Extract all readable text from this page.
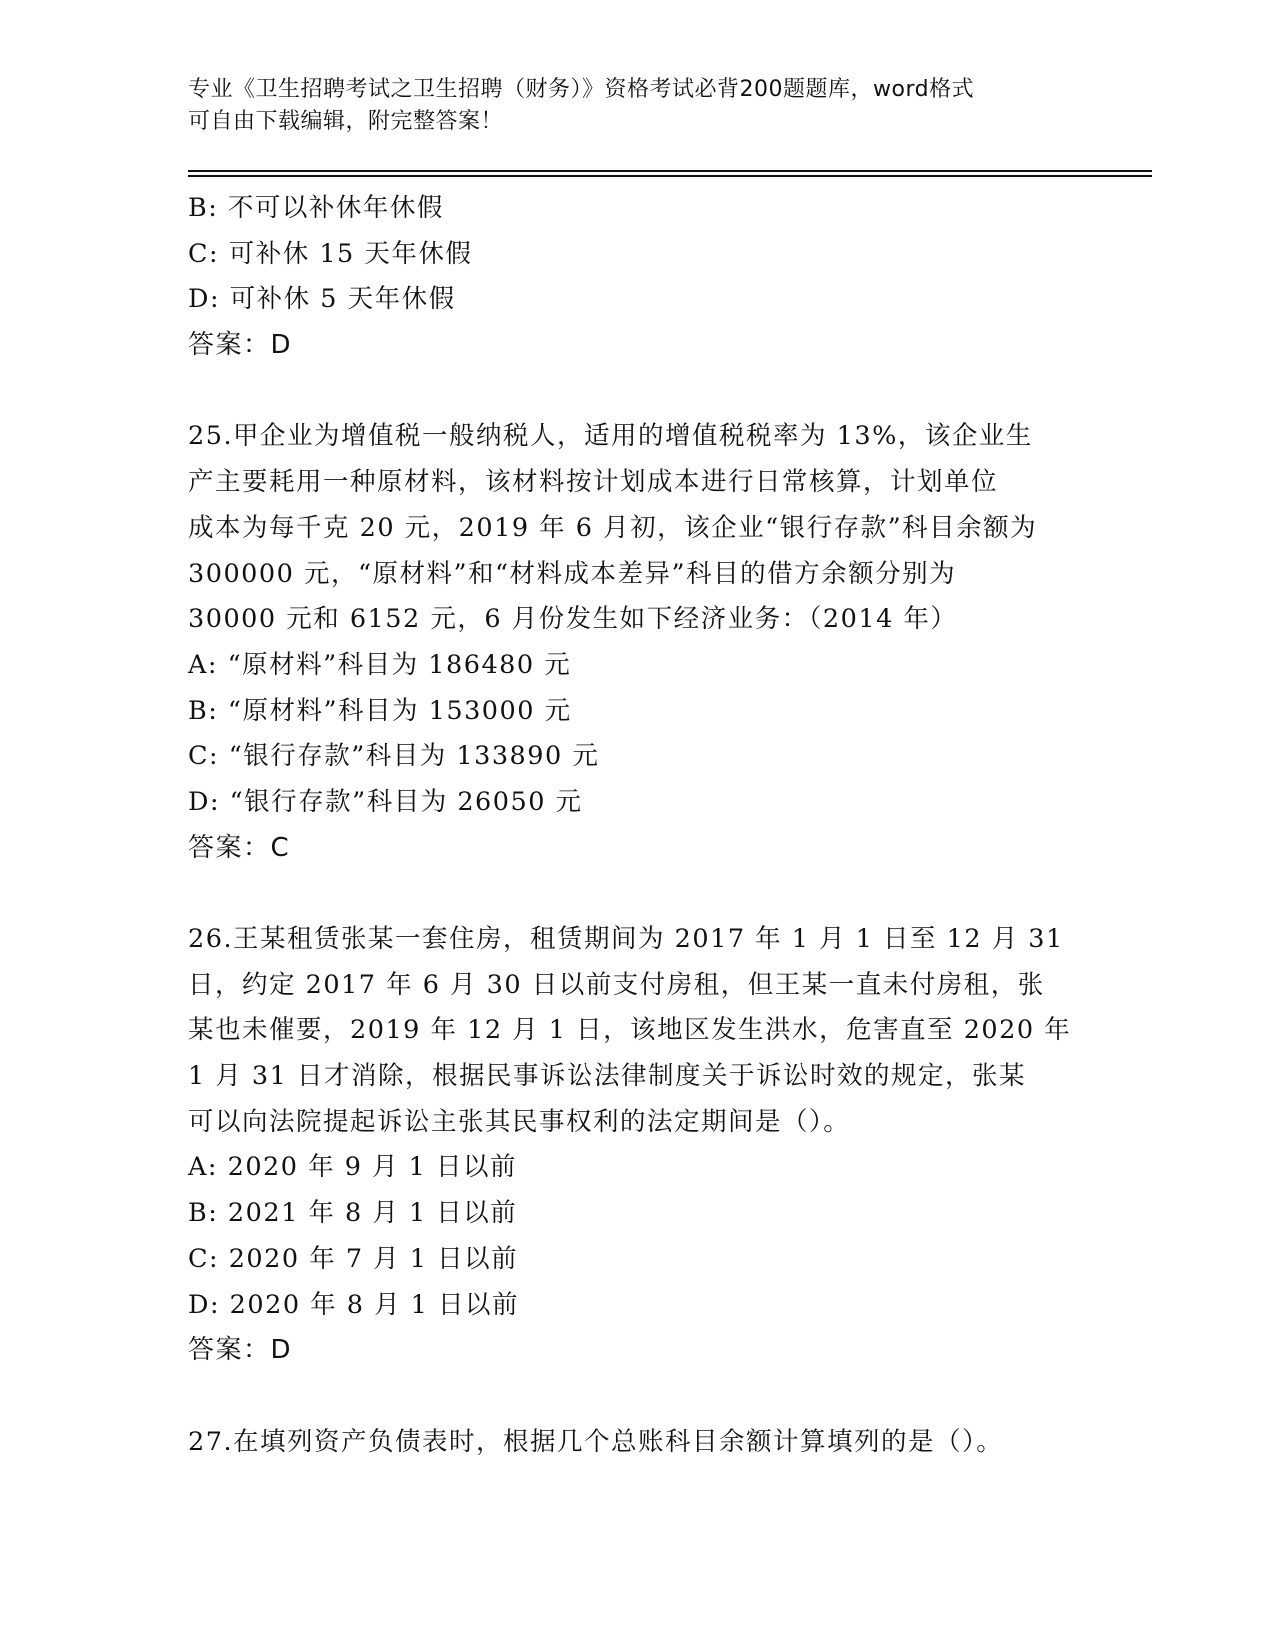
专业《卫生招聘考试之卫生招聘（财务）》资格考试必背200题题库，word格式
可自由下载编辑，附完整答案！
B: 不可以补休年休假
C: 可补休 15 天年休假
D: 可补休 5 天年休假
答案：D
25.甲企业为增值税一般纳税人，适用的增值税税率为 13%，该企业生
产主要耗用一种原材料，该材料按计划成本进行日常核算，计划单位
成本为每千克 20 元，2019 年 6 月初，该企业“银行存款”科目余额为
300000 元，“原材料”和“材料成本差异”科目的借方余额分别为
30000 元和 6152 元，6 月份发生如下经济业务：（2014 年）
A: “原材料”科目为 186480 元
B: “原材料”科目为 153000 元
C: “银行存款”科目为 133890 元
D: “银行存款”科目为 26050 元
答案：C
26.王某租赁张某一套住房，租赁期间为 2017 年 1 月 1 日至 12 月 31
日，约定 2017 年 6 月 30 日以前支付房租，但王某一直未付房租，张
某也未催要，2019 年 12 月 1 日，该地区发生洪水，危害直至 2020 年
1 月 31 日才消除，根据民事诉讼法律制度关于诉讼时效的规定，张某
可以向法院提起诉讼主张其民事权利的法定期间是（）。
A: 2020 年 9 月 1 日以前
B: 2021 年 8 月 1 日以前
C: 2020 年 7 月 1 日以前
D: 2020 年 8 月 1 日以前
答案：D
27.在填列资产负债表时，根据几个总账科目余额计算填列的是（）。
